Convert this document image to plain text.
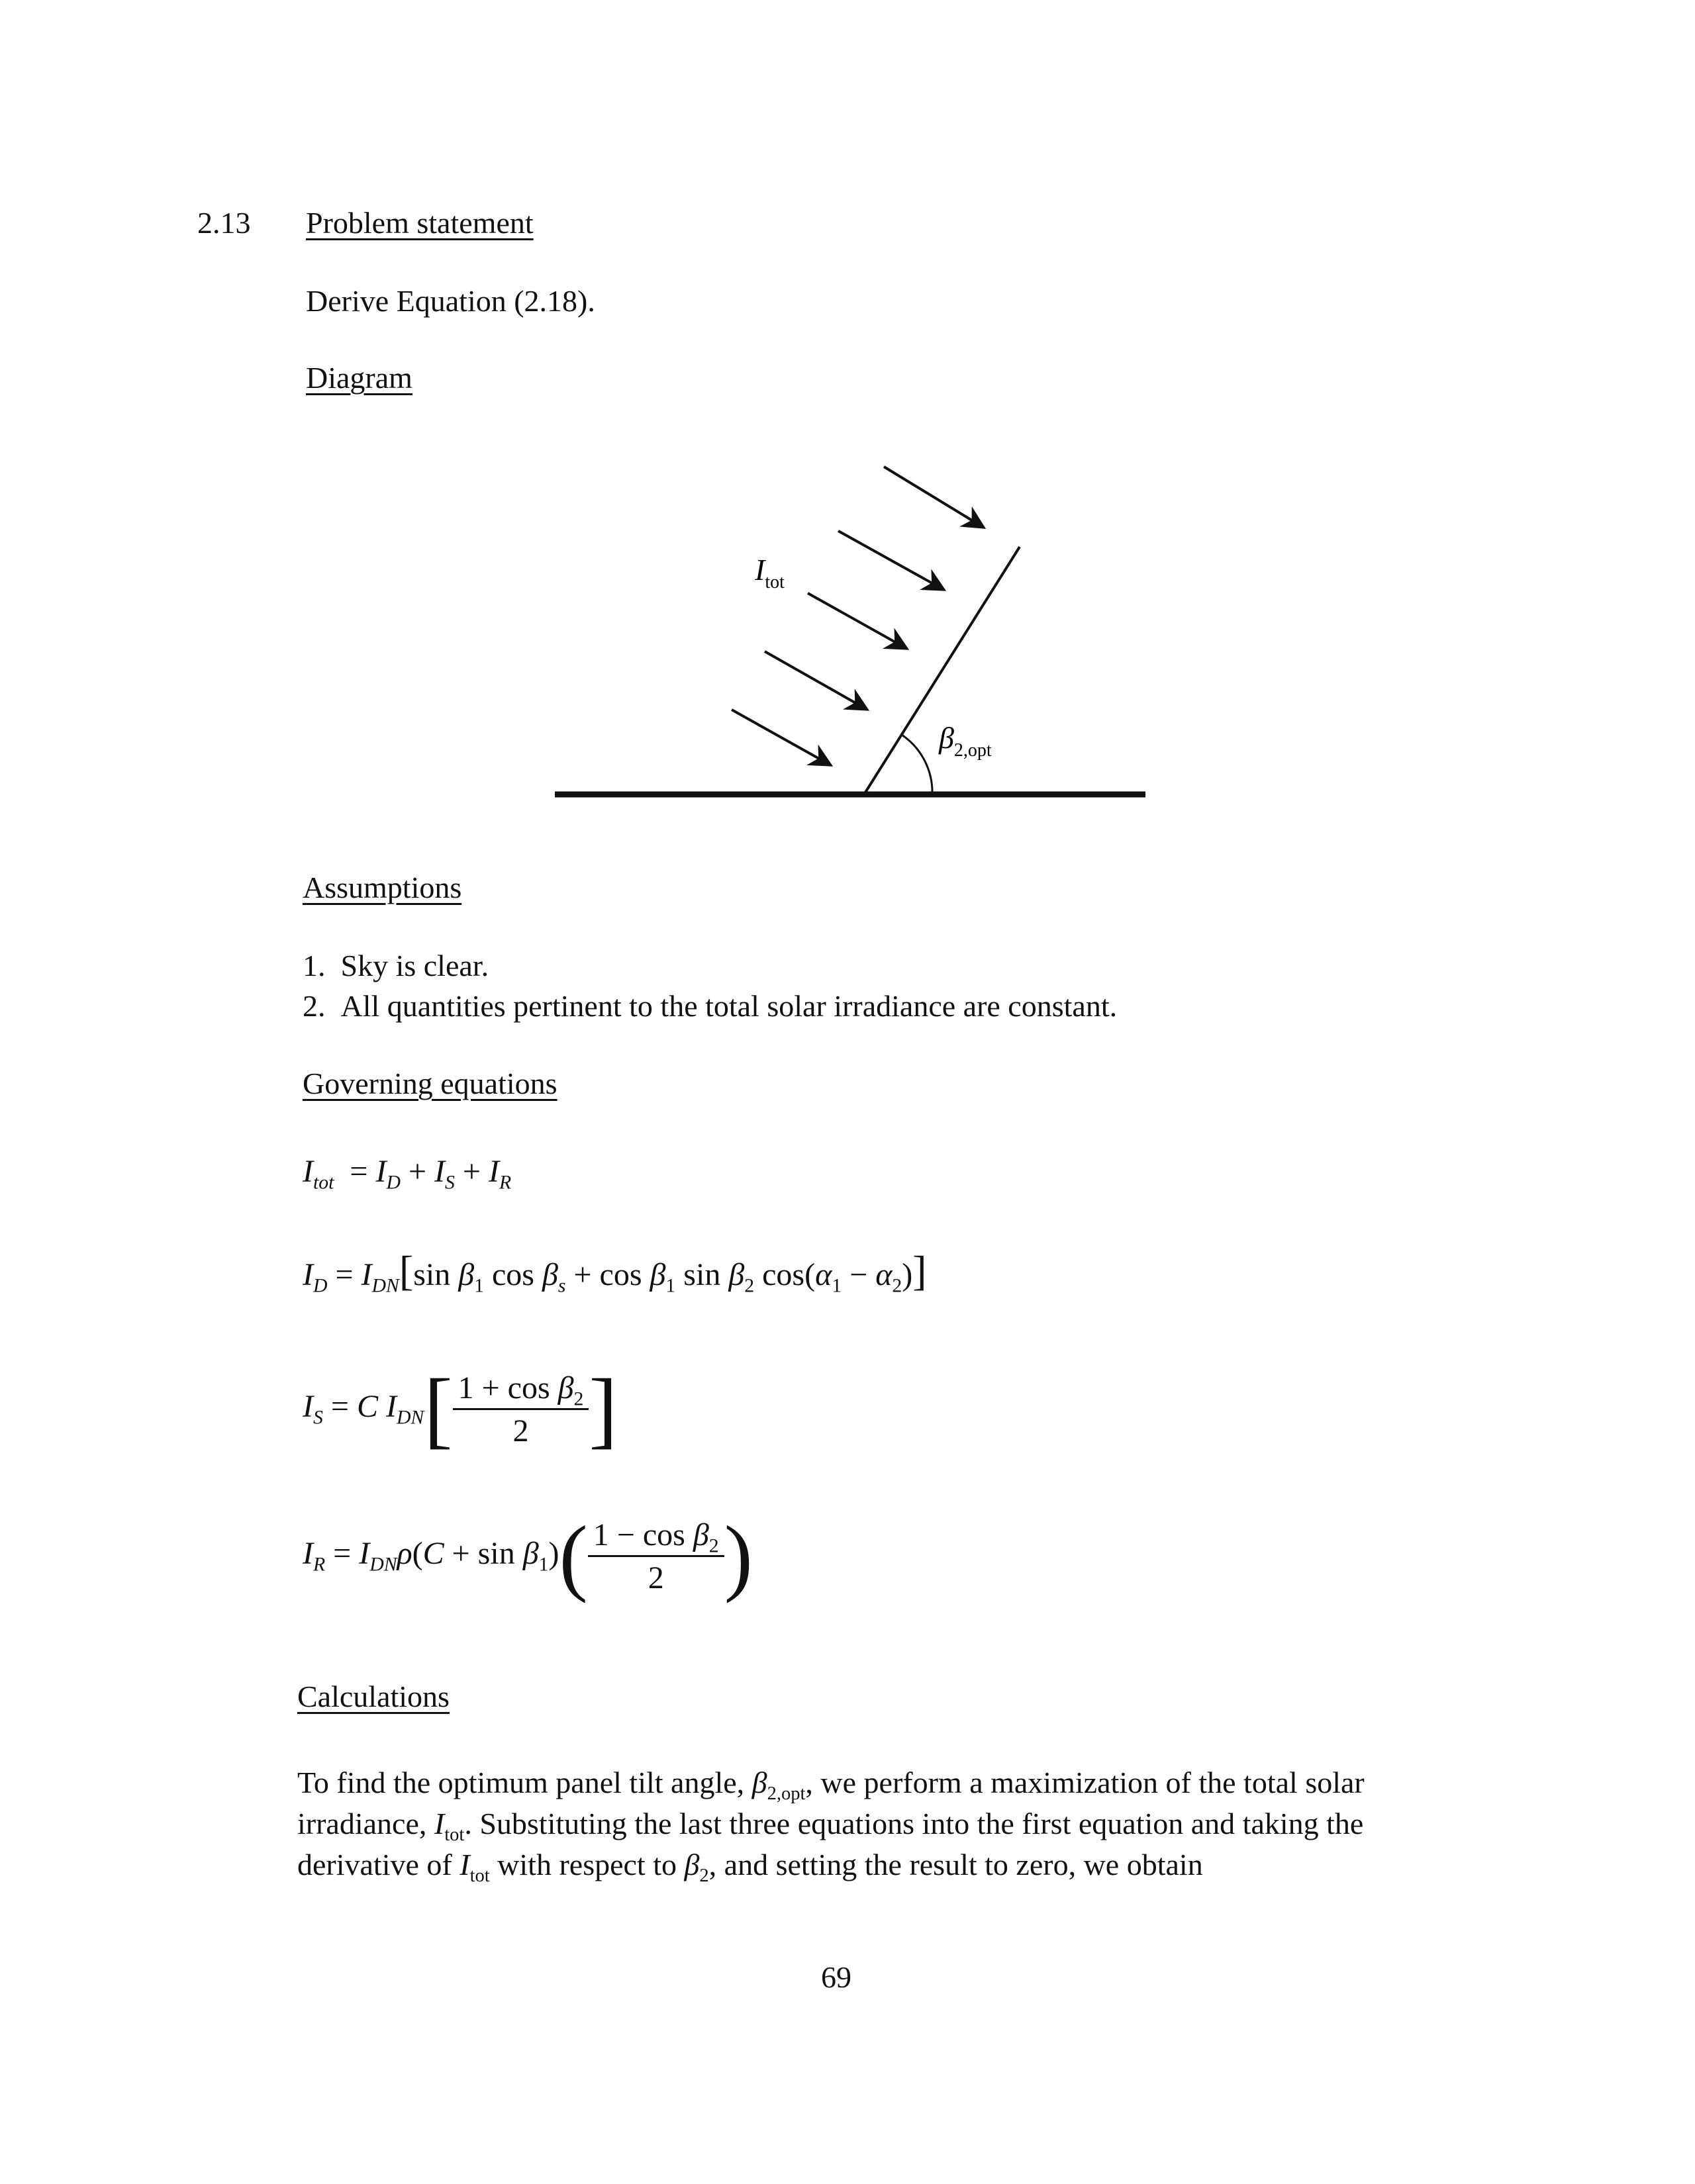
2.13 Problem statement
Derive Equation (2.18).
Diagram
$I_{tot}$
$\beta_{2,opt}$
Assumptions
1. Sky is clear.
2. All quantities pertinent to the total solar irradiance are constant.
Governing equations
$I_{tot} = I_D + I_S + I_R$
$I_D = I_{DN}[\sin$ $\beta_1$ $\cos \beta_s + \cos \beta_1$ $\sin \beta_2$ $\cos(\alpha_1 - \alpha_2)$]
$I_S = C$ $I_{DN}[ \frac{1 + \cos \beta_2}{2}$ ]
$I_R = I_{DN}\rho(C + \sin \beta_1)( \frac{1 - \cos \beta_2}{2}$ )
Calculations
To find the optimum panel tilt angle, $\beta_{2,opt}$, we perform a maximization of the total solar irradiance, $I_{tot}$. Substituting the last three equations into the first equation and taking the derivative of $I_{tot}$ with respect to $\beta_2$, and setting the result to zero, we obtain
69
